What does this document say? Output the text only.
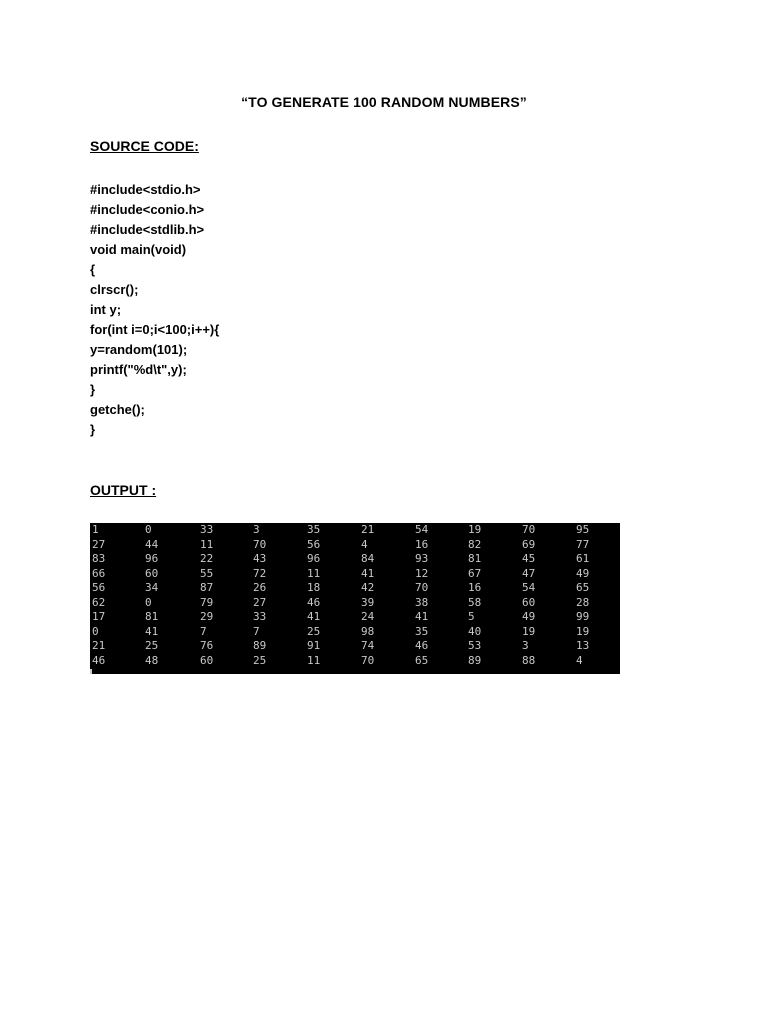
“TO GENERATE 100 RANDOM NUMBERS”
SOURCE CODE:
#include<stdio.h>
#include<conio.h>
#include<stdlib.h>
void main(void)
{
clrscr();
int y;
for(int i=0;i<100;i++){
y=random(101);
printf("%d\t",y);
}
getche();
}
OUTPUT :
1	0	33	3	35	21	54	19	70	95
27	44	11	70	56	4	16	82	69	77
83	96	22	43	96	84	93	81	45	61
66	60	55	72	11	41	12	67	47	49
56	34	87	26	18	42	70	16	54	65
62	0	79	27	46	39	38	58	60	28
17	81	29	33	41	24	41	5	49	99
0	41	7	7	25	98	35	40	19	19
21	25	76	89	91	74	46	53	3	13
46	48	60	25	11	70	65	89	88	4
